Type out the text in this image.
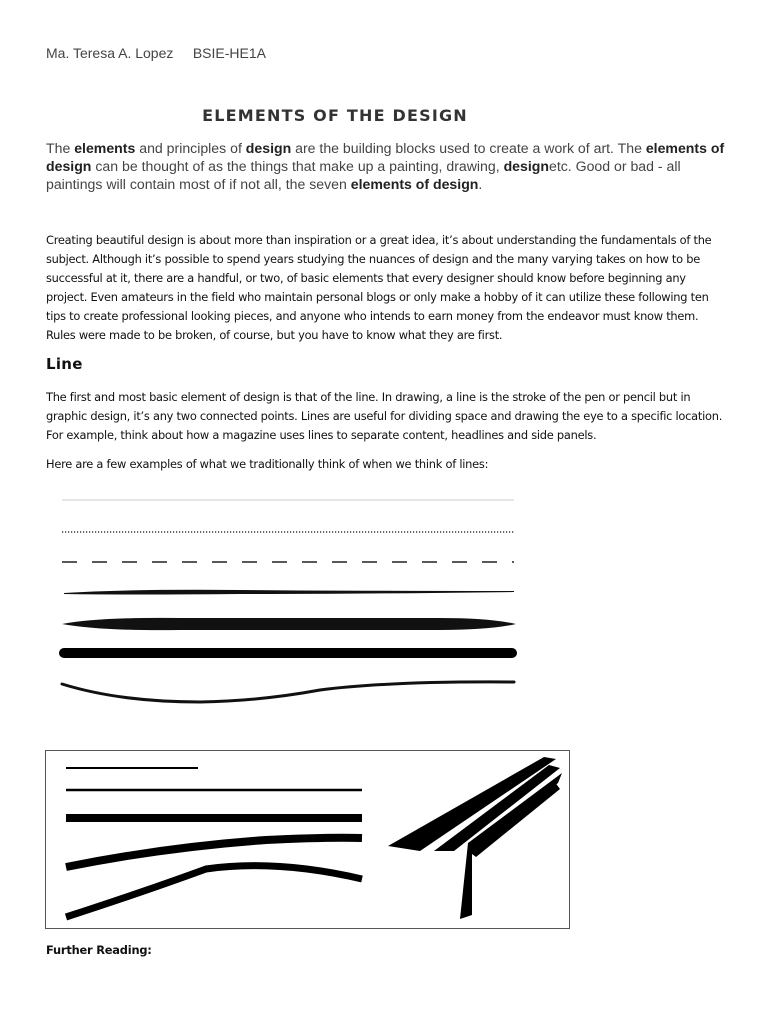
Ma. Teresa A. Lopez     BSIE-HE1A
ELEMENTS OF THE DESIGN

The elements and principles of design are the building blocks used to create a work of art. The elements of design can be thought of as the things that make up a painting, drawing, designetc. Good or bad - all paintings will contain most of if not all, the seven elements of design.

Creating beautiful design is about more than inspiration or a great idea, it’s about understanding the fundamentals of the subject. Although it’s possible to spend years studying the nuances of design and the many varying takes on how to be successful at it, there are a handful, or two, of basic elements that every designer should know before beginning any project. Even amateurs in the field who maintain personal blogs or only make a hobby of it can utilize these following ten tips to create professional looking pieces, and anyone who intends to earn money from the endeavor must know them. Rules were made to be broken, of course, but you have to know what they are first.

Line

The first and most basic element of design is that of the line. In drawing, a line is the stroke of the pen or pencil but in graphic design, it’s any two connected points. Lines are useful for dividing space and drawing the eye to a specific location. For example, think about how a magazine uses lines to separate content, headlines and side panels.

Here are a few examples of what we traditionally think of when we think of lines:

Further Reading:
